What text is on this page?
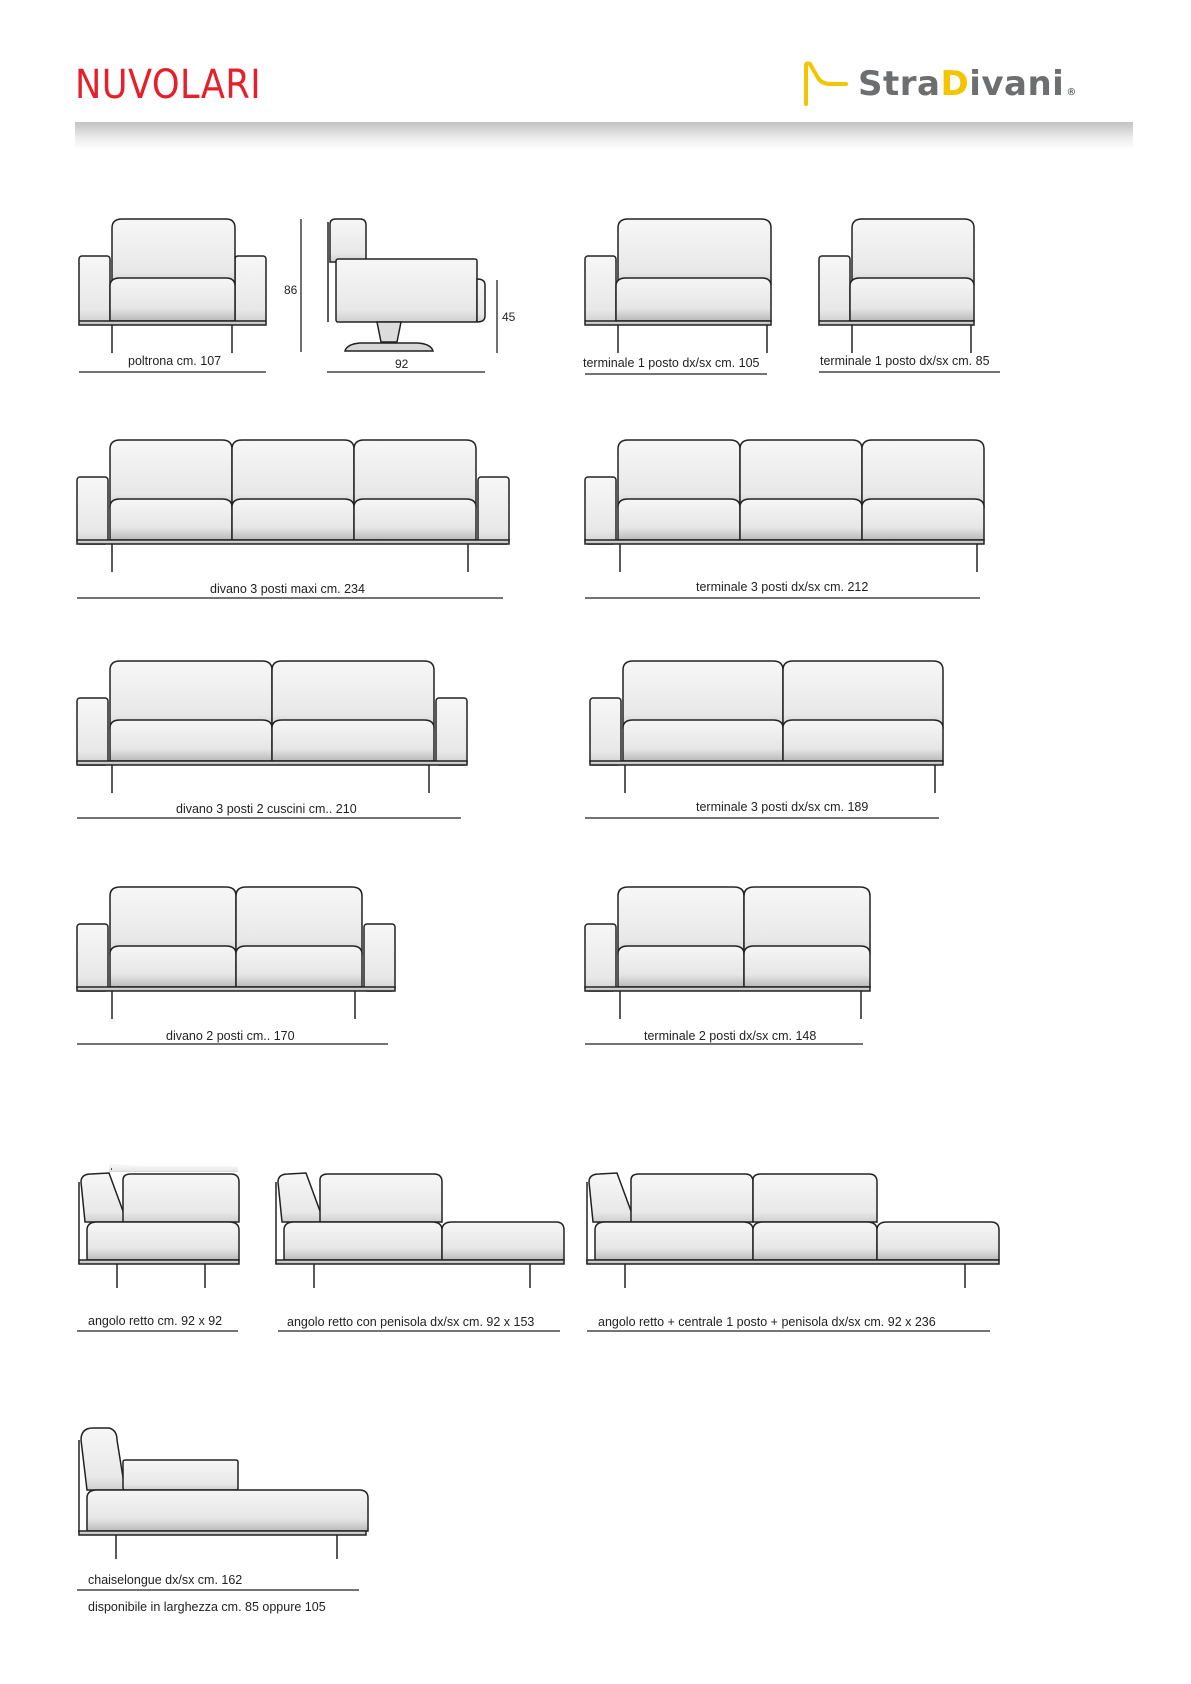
NUVOLARI	StraDivani ®
poltrona cm. 107	terminale 1 posto dx/sx cm. 105	terminale 1 posto dx/sx cm. 85
divano 3 posti maxi cm. 234	terminale 3 posti dx/sx cm. 212
divano 3 posti 2 cuscini cm.. 210	terminale 3 posti dx/sx cm. 189
divano 2 posti cm.. 170	terminale 2 posti dx/sx cm. 148
angolo retto cm. 92 x 92	angolo retto con penisola dx/sx cm. 92 x 153	angolo retto + centrale 1 posto + penisola dx/sx cm. 92 x 236
chaiselongue dx/sx cm. 162
disponibile in larghezza cm. 85 oppure 105
86
92
45
